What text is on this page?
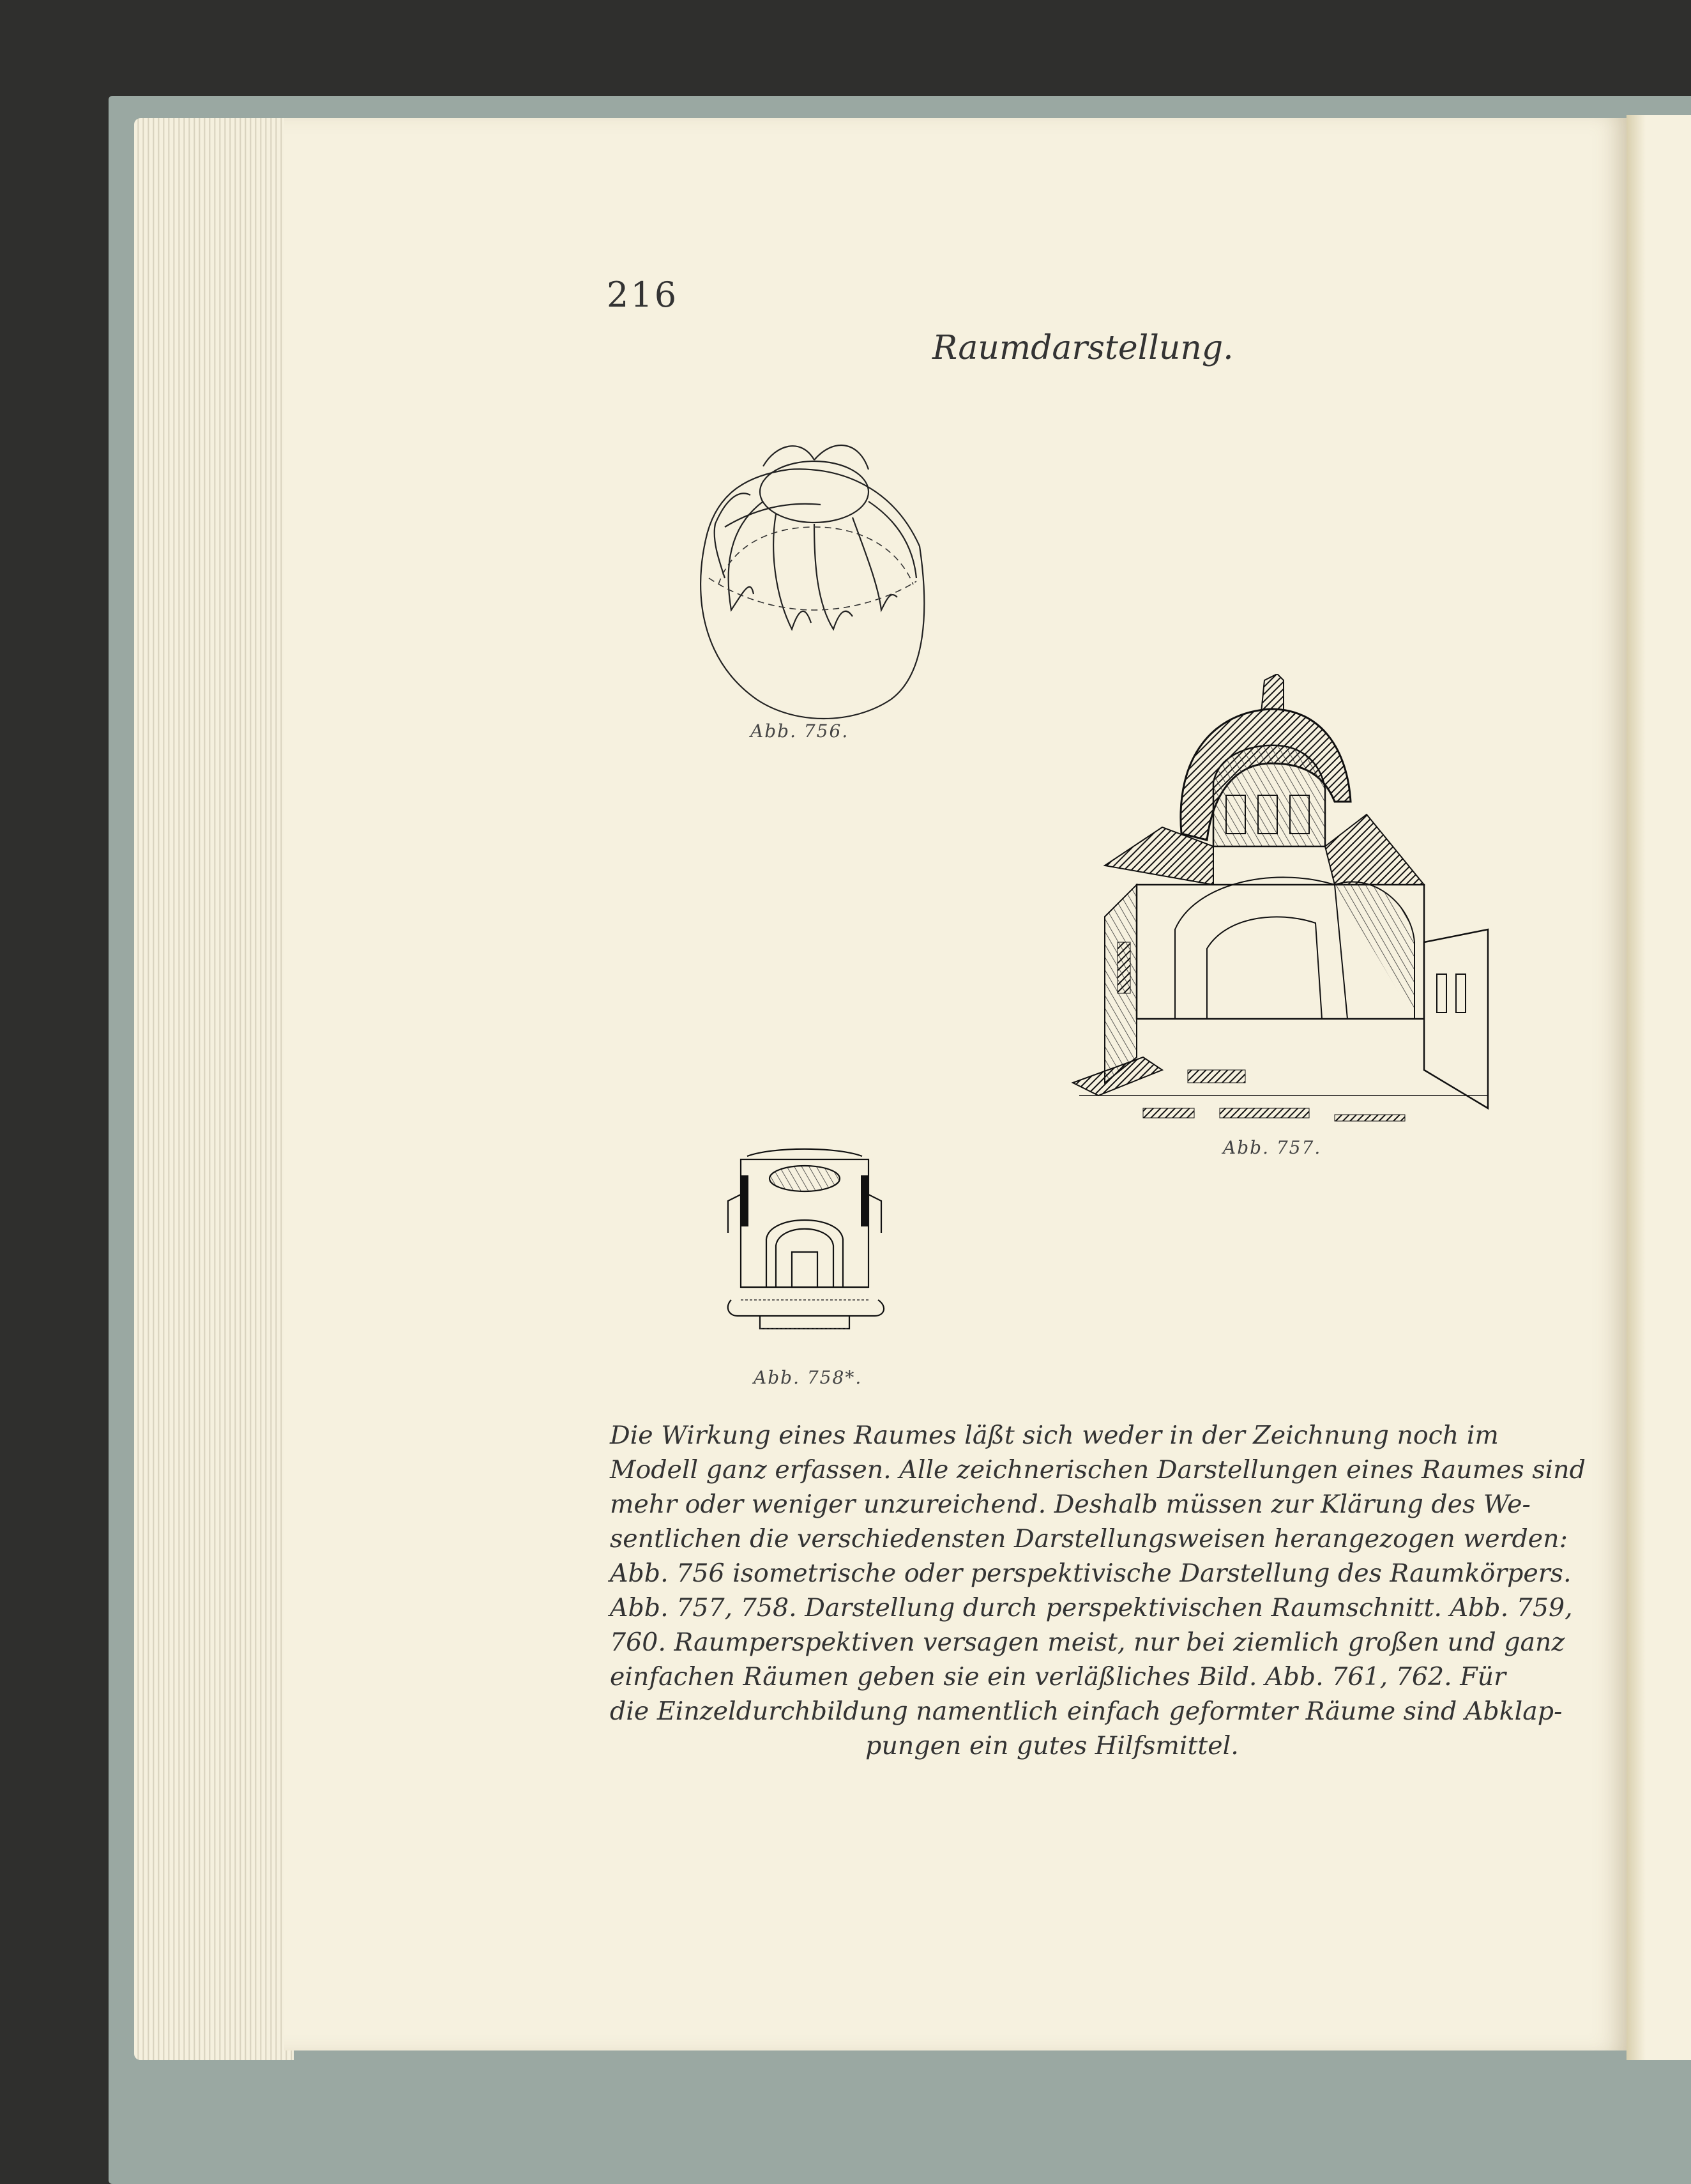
216
Raumdarstellung.
Abb. 756.
Abb. 757.
Abb. 758*.
Die Wirkung eines Raumes läßt sich weder in der Zeichnung noch im
Modell ganz erfassen. Alle zeichnerischen Darstellungen eines Raumes sind
mehr oder weniger unzureichend. Deshalb müssen zur Klärung des We-
sentlichen die verschiedensten Darstellungsweisen herangezogen werden:
Abb. 756 isometrische oder perspektivische Darstellung des Raumkörpers.
Abb. 757, 758. Darstellung durch perspektivischen Raumschnitt. Abb. 759,
760. Raumperspektiven versagen meist, nur bei ziemlich großen und ganz
einfachen Räumen geben sie ein verläßliches Bild. Abb. 761, 762. Für
die Einzeldurchbildung namentlich einfach geformter Räume sind Abklap-
pungen ein gutes Hilfsmittel.
